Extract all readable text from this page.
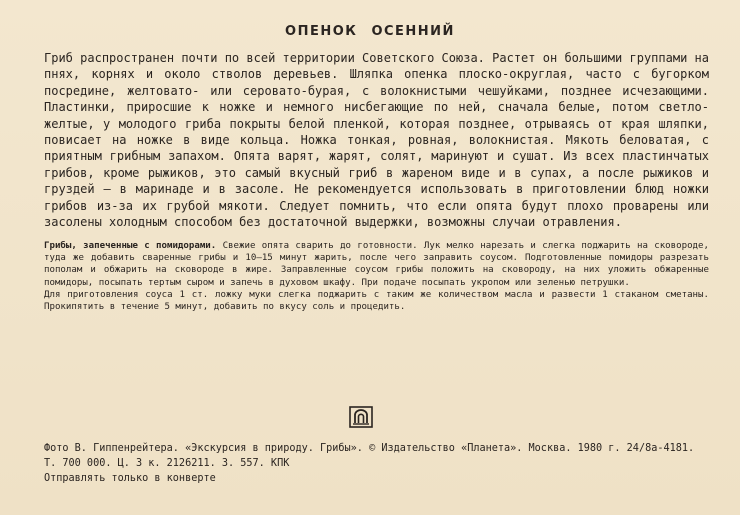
ОПЕНОК ОСЕННИЙ

Гриб распространен почти по всей территории Советского Союза. Растет он большими группами на пнях, корнях и около стволов деревьев. Шляпка опенка плоско-округлая, часто с бугорком посредине, желтовато- или серовато-бурая, с волокнистыми чешуйками, позднее исчезающими. Пластинки, приросшие к ножке и немного нисбегающие по ней, сначала белые, потом светло-желтые, у молодого гриба покрыты белой пленкой, которая позднее, отрываясь от края шляпки, повисает на ножке в виде кольца. Ножка тонкая, ровная, волокнистая. Мякоть беловатая, с приятным грибным запахом. Опята варят, жарят, солят, маринуют и сушат. Из всех пластинчатых грибов, кроме рыжиков, это самый вкусный гриб в жареном виде и в супах, а после рыжиков и груздей — в маринаде и в засоле. Не рекомендуется использовать в приготовлении блюд ножки грибов из-за их грубой мякоти. Следует помнить, что если опята будут плохо проварены или засолены холодным способом без достаточной выдержки, возможны случаи отравления.

Грибы, запеченные с помидорами. Свежие опята сварить до готовности. Лук мелко нарезать и слегка поджарить на сковороде, туда же добавить сваренные грибы и 10—15 минут жарить, после чего заправить соусом. Подготовленные помидоры разрезать пополам и обжарить на сковороде в жире. Заправленные соусом грибы положить на сковороду, на них уложить обжаренные помидоры, посыпать тертым сыром и запечь в духовом шкафу. При подаче посыпать укропом или зеленью петрушки.
Для приготовления соуса 1 ст. ложку муки слегка поджарить с таким же количеством масла и развести 1 стаканом сметаны. Прокипятить в течение 5 минут, добавить по вкусу соль и процедить.

Фото В. Гиппенрейтера. «Экскурсия в природу. Грибы». © Издательство «Планета». Москва. 1980 г. 24/8а-4181.
Т. 700 000. Ц. 3 к. 2126211. З. 557. КПК
Отправлять только в конверте
